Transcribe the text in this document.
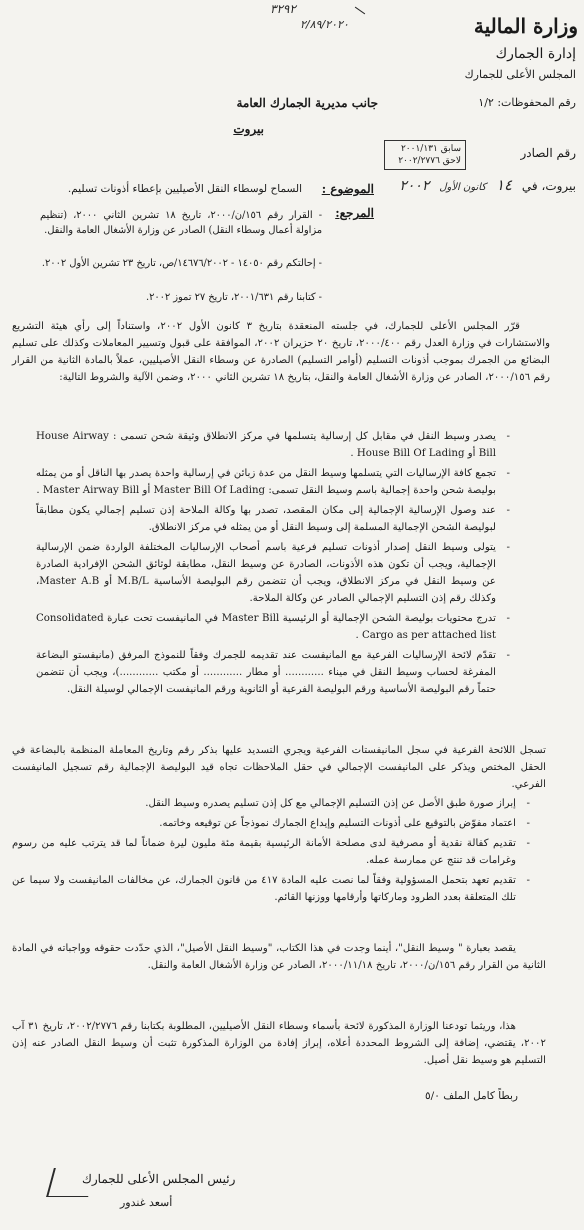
٣٢٩٢
٢/٨٩/٢٠٢٠	وزارة المالية
إدارة الجمارك
المجلس الأعلى للجمارك
رقم المحفوظات: ١/٢
جانب مديرية الجمارك العامة
بيروت
رقم الصادر
سابق ٢٠٠١/١٣١
لاحق ٢٠٠٢/٢٧٧٦
بيروت، في ١٤ كانون الأول ٢٠٠٢
الموضوع :
السماح لوسطاء النقل الأصيليين بإعطاء أذونات تسليم.
المرجع:
- القرار رقم ١٥٦/ن/٢٠٠٠، تاريخ ١٨ تشرين الثاني ٢٠٠٠، (تنظيم مزاولة أعمال وسطاء النقل) الصادر عن وزارة الأشغال العامة والنقل.
- إحالتكم رقم ١٤٠٥٠ - ١٤٦٧٦/٢٠٠٢/ص، تاريخ ٢٣ تشرين الأول ٢٠٠٢.
- كتابنا رقم ٢٠٠١/٦٣١، تاريخ ٢٧ تموز ٢٠٠٢.
قرّر المجلس الأعلى للجمارك، في جلسته المنعقدة بتاريخ ٣ كانون الأول ٢٠٠٢، واستناداً إلى رأي هيئة التشريع والاستشارات في وزارة العدل رقم ٢٠٠٠/٤٠٠، تاريخ ٢٠ حزيران ٢٠٠٢، الموافقة على قبول وتسيير المعاملات وكذلك على تسليم البضائع من الجمرك بموجب أذونات التسليم (أوامر التسليم) الصادرة عن وسطاء النقل الأصيليين، عملاً بالمادة الثانية من القرار رقم ٢٠٠٠/١٥٦، الصادر عن وزارة الأشغال العامة والنقل، بتاريخ ١٨ تشرين الثاني ٢٠٠٠، وضمن الآلية والشروط التالية:
- يصدر وسيط النقل في مقابل كل إرسالية يتسلمها في مركز الانطلاق وثيقة شحن تسمى : House Airway Bill أو House Bill Of Lading .
- تجمع كافة الإرساليات التي يتسلمها وسيط النقل من عدة زبائن في إرسالية واحدة يصدر بها الناقل أو من يمثله بوليصة شحن واحدة إجمالية باسم وسيط النقل تسمى: Master Bill Of Lading أو Master Airway Bill .
- عند وصول الإرسالية الإجمالية إلى مكان المقصد، تصدر بها وكالة الملاحة إذن تسليم إجمالي يكون مطابقاً لبوليصة الشحن الإجمالية المسلمة إلى وسيط النقل أو من يمثله في مركز الانطلاق.
- يتولى وسيط النقل إصدار أذونات تسليم فرعية باسم أصحاب الإرساليات المختلفة الواردة ضمن الإرسالية الإجمالية، ويجب أن تكون هذه الأذونات، الصادرة عن وسيط النقل، مطابقة لوثائق الشحن الإفرادية الصادرة عن وسيط النقل في مركز الانطلاق، ويجب أن تتضمن رقم البوليصة الأساسية M.B/L أو Master A.B، وكذلك رقم إذن التسليم الإجمالي الصادر عن وكالة الملاحة.
- تدرج محتويات بوليصة الشحن الإجمالية أو الرئيسية Master Bill في المانيفست تحت عبارة Consolidated Cargo as per attached list .
- تقدّم لائحة الإرساليات الفرعية مع المانيفست عند تقديمه للجمرك وفقاً للنموذج المرفق (مانيفستو البضاعة المفرغة لحساب وسيط النقل في ميناء ............ أو مطار ............ أو مكتب ............)، ويجب أن تتضمن حتماً رقم البوليصة الأساسية ورقم البوليصة الفرعية أو الثانوية ورقم المانيفست الإجمالي لوسيلة النقل.
تسجل اللائحة الفرعية في سجل المانيفستات الفرعية ويجري التسديد عليها بذكر رقم وتاريخ المعاملة المنظمة بالبضاعة في الحقل المختص ويذكر على المانيفست الإجمالي في حقل الملاحظات تجاه قيد البوليصة الإجمالية رقم تسجيل المانيفست الفرعي.
- إبراز صورة طبق الأصل عن إذن التسليم الإجمالي مع كل إذن تسليم يصدره وسيط النقل.
- اعتماد مفوّض بالتوقيع على أذونات التسليم وإيداع الجمارك نموذجاً عن توقيعه وخاتمه.
- تقديم كفالة نقدية أو مصرفية لدى مصلحة الأمانة الرئيسية بقيمة مئة مليون ليرة ضماناً لما قد يترتب عليه من رسوم وغرامات قد تنتج عن ممارسة عمله.
- تقديم تعهد بتحمل المسؤولية وفقاً لما نصت عليه المادة ٤١٧ من قانون الجمارك، عن مخالفات المانيفست ولا سيما عن تلك المتعلقة بعدد الطرود وماركاتها وأرقامها ووزنها القائم.
يقصد بعبارة " وسيط النقل"، أينما وجدت في هذا الكتاب، "وسيط النقل الأصيل"، الذي حدّدت حقوقه وواجباته في المادة الثانية من القرار رقم ١٥٦/ن/٢٠٠٠، تاريخ ٢٠٠٠/١١/١٨، الصادر عن وزارة الأشغال العامة والنقل.
هذا، وريثما تودعنا الوزارة المذكورة لائحة بأسماء وسطاء النقل الأصيليين، المطلوبة بكتابنا رقم ٢٠٠٢/٢٧٧٦، تاريخ ٣١ آب ٢٠٠٢، يقتضي، إضافة إلى الشروط المحددة أعلاه، إبراز إفادة من الوزارة المذكورة تثبت أن وسيط النقل الصادر عنه إذن التسليم هو وسيط نقل أصيل.
ربطاً كامل الملف ٥/٠
رئيس المجلس الأعلى للجمارك
أسعد غندور
